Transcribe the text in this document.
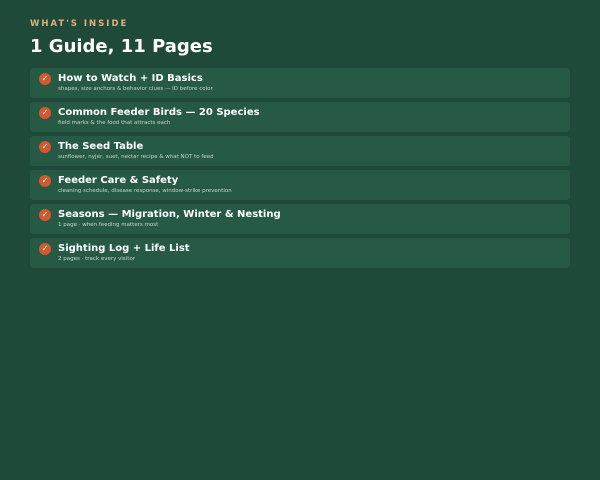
WHAT'S INSIDE
1 Guide, 11 Pages
✓ How to Watch + ID Basics
shapes, size anchors & behavior clues — ID before color
✓ Common Feeder Birds — 20 Species
field marks & the food that attracts each
✓ The Seed Table
sunflower, nyjer, suet, nectar recipe & what NOT to feed
✓ Feeder Care & Safety
cleaning schedule, disease response, window-strike prevention
✓ Seasons — Migration, Winter & Nesting
1 page · when feeding matters most
✓ Sighting Log + Life List
2 pages · track every visitor
